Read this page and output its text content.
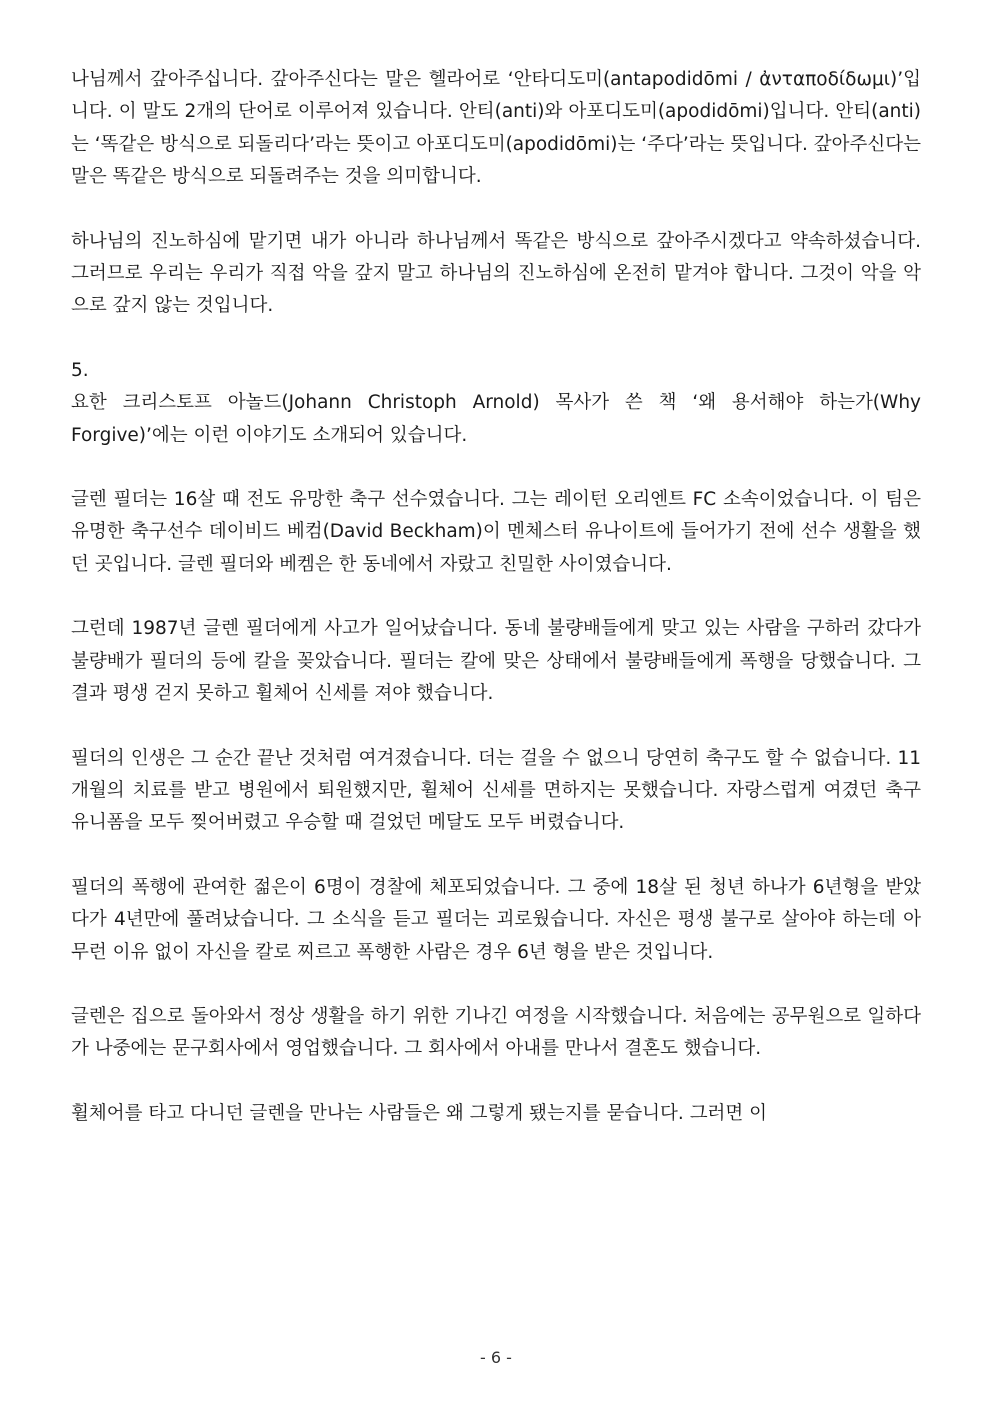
나님께서 갚아주십니다. 갚아주신다는 말은 헬라어로 ‘안타디도미(antapodidōmi / ἀνταποδίδωμι)’입니다. 이 말도 2개의 단어로 이루어져 있습니다. 안티(anti)와 아포디도미(apodidōmi)입니다. 안티(anti)는 ‘똑같은 방식으로 되돌리다’라는 뜻이고 아포디도미(apodidōmi)는 ‘주다’라는 뜻입니다. 갚아주신다는 말은 똑같은 방식으로 되돌려주는 것을 의미합니다.

하나님의 진노하심에 맡기면 내가 아니라 하나님께서 똑같은 방식으로 갚아주시겠다고 약속하셨습니다. 그러므로 우리는 우리가 직접 악을 갚지 말고 하나님의 진노하심에 온전히 맡겨야 합니다. 그것이 악을 악으로 갚지 않는 것입니다.

5.

요한 크리스토프 아놀드(Johann Christoph Arnold) 목사가 쓴 책 ‘왜 용서해야 하는가(Why Forgive)’에는 이런 이야기도 소개되어 있습니다.

글렌 필더는 16살 때 전도 유망한 축구 선수였습니다. 그는 레이턴 오리엔트 FC 소속이었습니다. 이 팀은 유명한 축구선수 데이비드 베컴(David Beckham)이 멘체스터 유나이트에 들어가기 전에 선수 생활을 했던 곳입니다. 글렌 필더와 베켐은 한 동네에서 자랐고 친밀한 사이였습니다.

그런데 1987년 글렌 필더에게 사고가 일어났습니다. 동네 불량배들에게 맞고 있는 사람을 구하러 갔다가 불량배가 필더의 등에 칼을 꽂았습니다. 필더는 칼에 맞은 상태에서 불량배들에게 폭행을 당했습니다. 그 결과 평생 걷지 못하고 휠체어 신세를 져야 했습니다.

필더의 인생은 그 순간 끝난 것처럼 여겨졌습니다. 더는 걸을 수 없으니 당연히 축구도 할 수 없습니다. 11개월의 치료를 받고 병원에서 퇴원했지만, 휠체어 신세를 면하지는 못했습니다. 자랑스럽게 여겼던 축구 유니폼을 모두 찢어버렸고 우승할 때 걸었던 메달도 모두 버렸습니다.

필더의 폭행에 관여한 젊은이 6명이 경찰에 체포되었습니다. 그 중에 18살 된 청년 하나가 6년형을 받았다가 4년만에 풀려났습니다. 그 소식을 듣고 필더는 괴로웠습니다. 자신은 평생 불구로 살아야 하는데 아무런 이유 없이 자신을 칼로 찌르고 폭행한 사람은 경우 6년 형을 받은 것입니다.

글렌은 집으로 돌아와서 정상 생활을 하기 위한 기나긴 여정을 시작했습니다. 처음에는 공무원으로 일하다가 나중에는 문구회사에서 영업했습니다. 그 회사에서 아내를 만나서 결혼도 했습니다.

휠체어를 타고 다니던 글렌을 만나는 사람들은 왜 그렇게 됐는지를 묻습니다. 그러면 이

- 6 -
